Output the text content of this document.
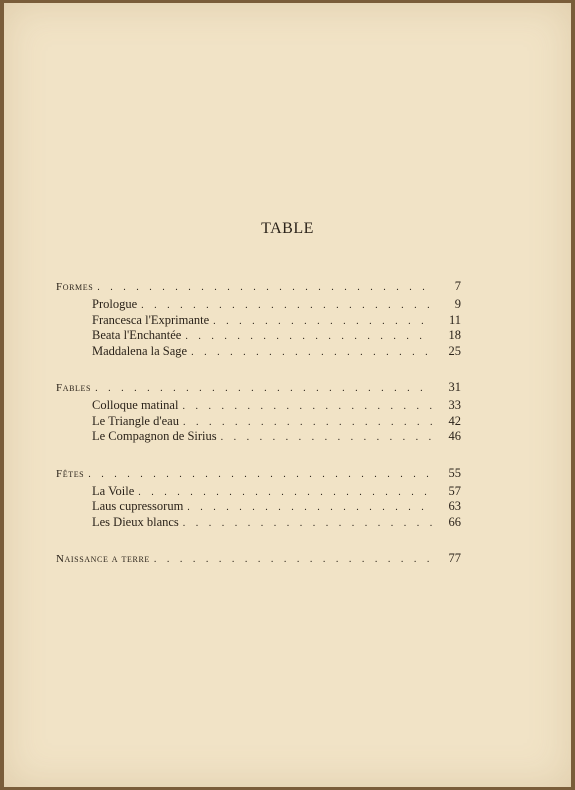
TABLE
Formes . . .	7
Prologue . . .	9
Francesca l'Exprimante . . .	11
Beata l'Enchantée . . .	18
Maddalena la Sage . . .	25
Fables . . .	31
Colloque matinal . . .	33
Le Triangle d'eau . . .	42
Le Compagnon de Sirius . . .	46
Fêtes . . .	55
La Voile . . .	57
Laus cupressorum . . .	63
Les Dieux blancs . . .	66
Naissance a terre . . .	77
